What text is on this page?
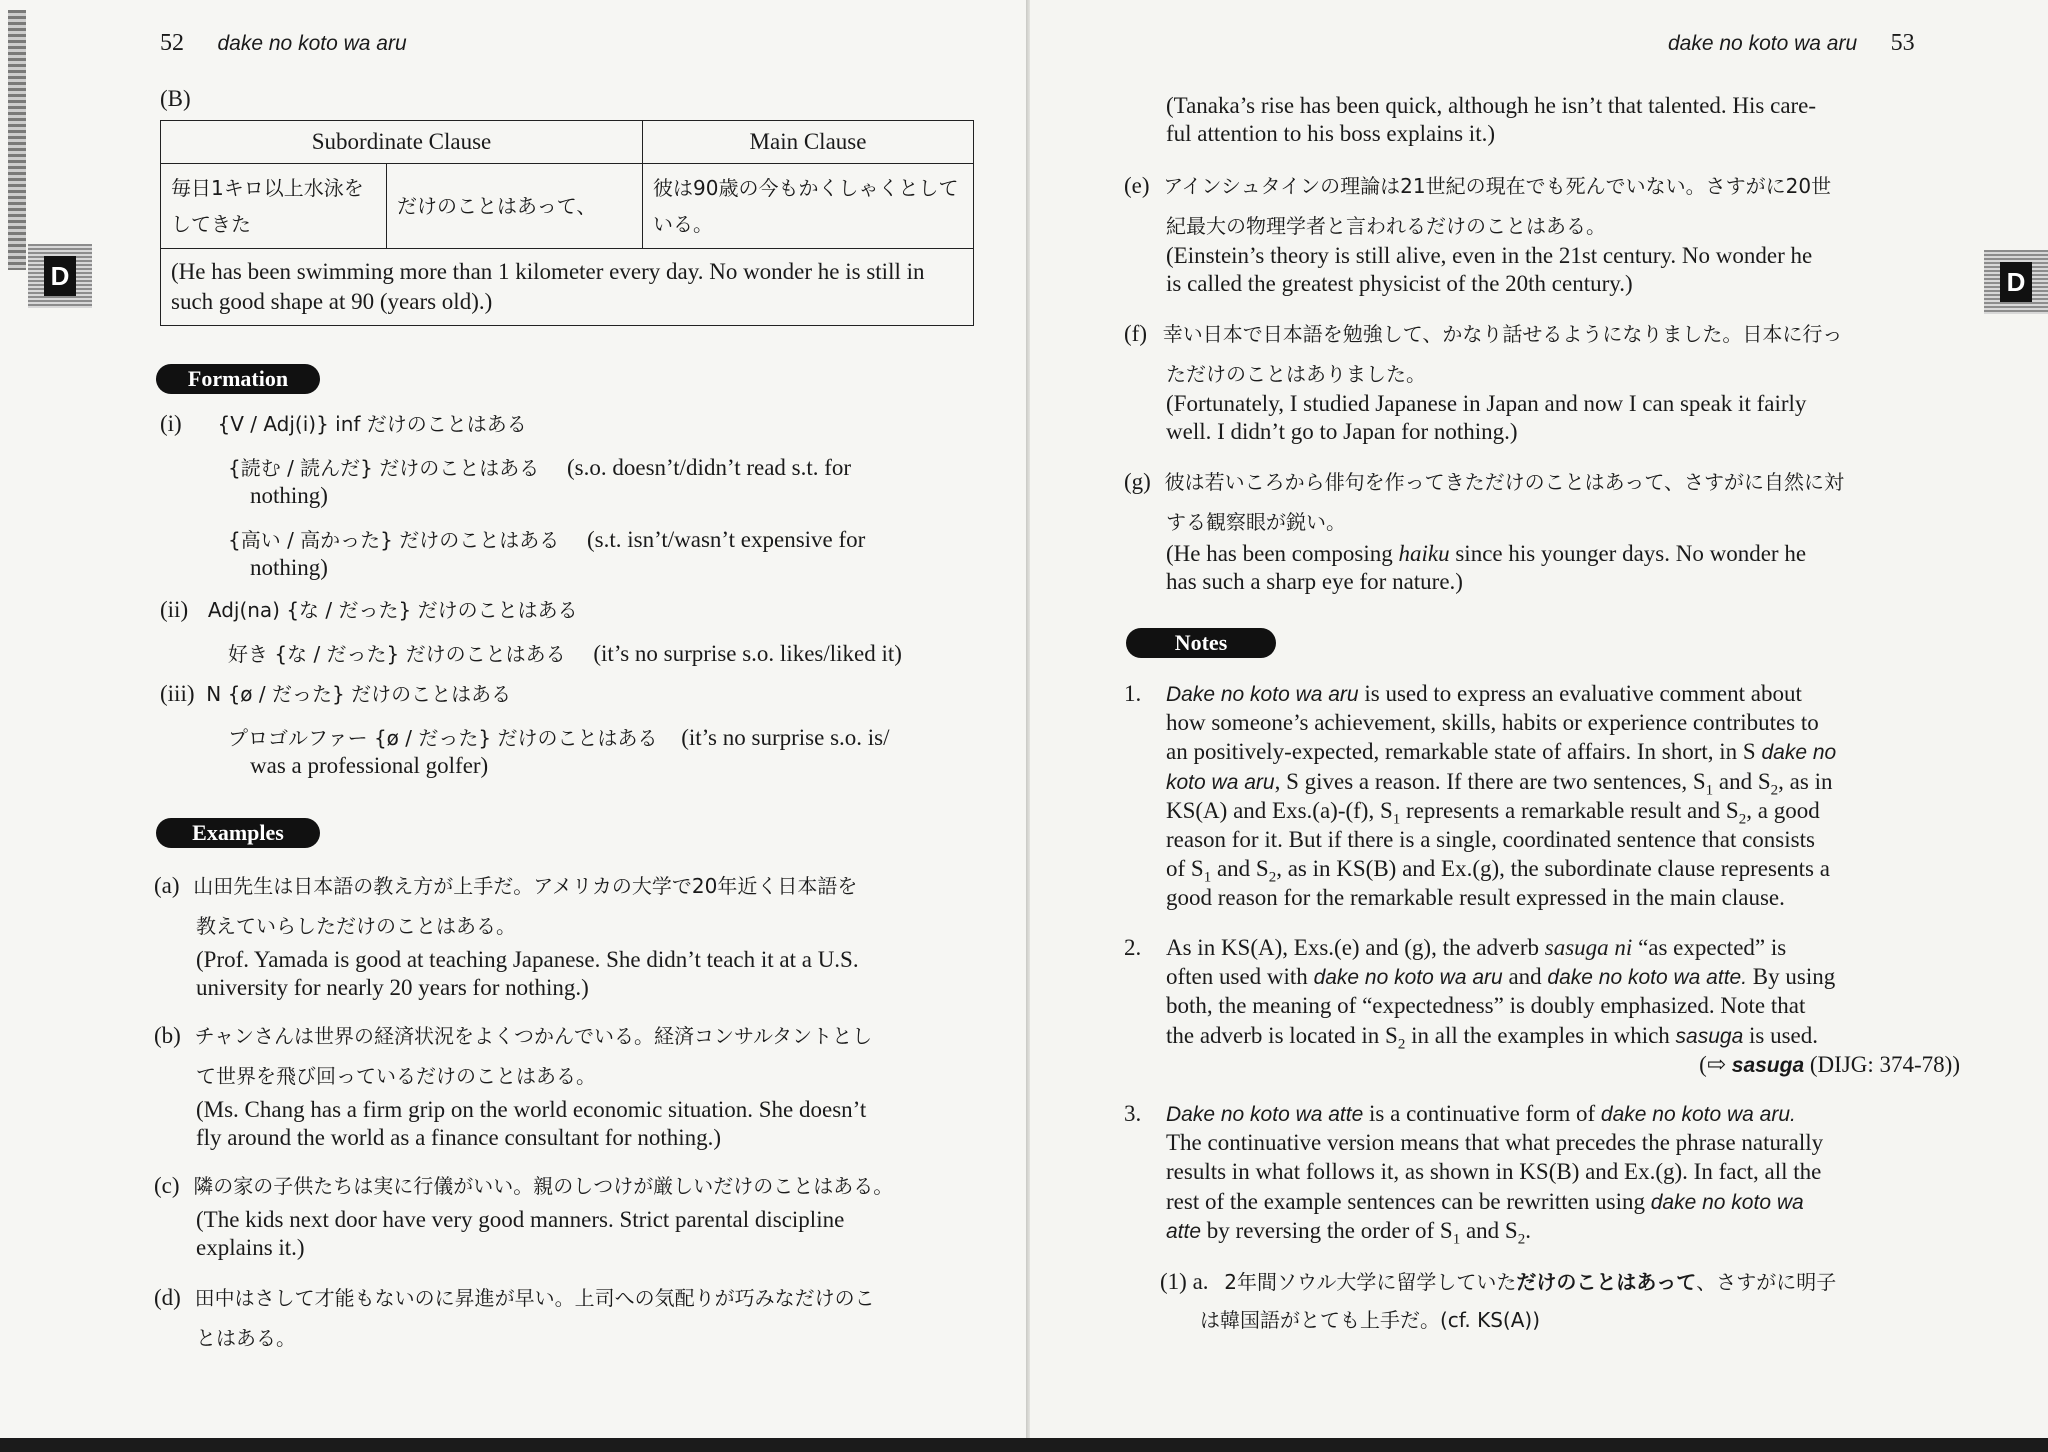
52 dake no koto wa aru
D
(B)
Subordinate Clause		Main Clause
毎日1キロ以上水泳をしてきた	だけのことはあって、	彼は90歳の今もかくしゃくとしている。
(He has been swimming more than 1 kilometer every day. No wonder he is still in such good shape at 90 (years old).)		
Formation
(i) {V / Adj(i)} inf だけのことはある
{読む / 読んだ} だけのことはある (s.o. doesn’t/didn’t read s.t. for
nothing)
{高い / 高かった} だけのことはある (s.t. isn’t/wasn’t expensive for
nothing)
(ii) Adj(na) {な / だった} だけのことはある
好き {な / だった} だけのことはある (it’s no surprise s.o. likes/liked it)
(iii) N {ø / だった} だけのことはある
プロゴルファー {ø / だった} だけのことはある (it’s no surprise s.o. is/
was a professional golfer)
Examples
(a) 山田先生は日本語の教え方が上手だ。アメリカの大学で20年近く日本語を
教えていらしただけのことはある。
(Prof. Yamada is good at teaching Japanese. She didn’t teach it at a U.S.
university for nearly 20 years for nothing.)
(b) チャンさんは世界の経済状況をよくつかんでいる。経済コンサルタントとし
て世界を飛び回っているだけのことはある。
(Ms. Chang has a firm grip on the world economic situation. She doesn’t
fly around the world as a finance consultant for nothing.)
(c) 隣の家の子供たちは実に行儀がいい。親のしつけが厳しいだけのことはある。
(The kids next door have very good manners. Strict parental discipline
explains it.)
(d) 田中はさして才能もないのに昇進が早い。上司への気配りが巧みなだけのこ
とはある。
dake no koto wa aru 53
D
(Tanaka’s rise has been quick, although he isn’t that talented. His care-
ful attention to his boss explains it.)
(e) アインシュタインの理論は21世紀の現在でも死んでいない。さすがに20世
紀最大の物理学者と言われるだけのことはある。
(Einstein’s theory is still alive, even in the 21st century. No wonder he
is called the greatest physicist of the 20th century.)
(f) 幸い日本で日本語を勉強して、かなり話せるようになりました。日本に行っ
ただけのことはありました。
(Fortunately, I studied Japanese in Japan and now I can speak it fairly
well. I didn’t go to Japan for nothing.)
(g) 彼は若いころから俳句を作ってきただけのことはあって、さすがに自然に対
する観察眼が鋭い。
(He has been composing haiku since his younger days. No wonder he
has such a sharp eye for nature.)
Notes
1. Dake no koto wa aru is used to express an evaluative comment about
how someone’s achievement, skills, habits or experience contributes to
an positively-expected, remarkable state of affairs. In short, in S dake no
koto wa aru, S gives a reason. If there are two sentences, $S_1$ and $S_2$, as in
KS(A) and Exs.(a)-(f), $S_1$ represents a remarkable result and $S_2$, a good
reason for it. But if there is a single, coordinated sentence that consists
of $S_1$ and $S_2$, as in KS(B) and Ex.(g), the subordinate clause represents a
good reason for the remarkable result expressed in the main clause.
2. As in KS(A), Exs.(e) and (g), the adverb sasuga ni “as expected” is
often used with dake no koto wa aru and dake no koto wa atte. By using
both, the meaning of “expectedness” is doubly emphasized. Note that
the adverb is located in $S_2$ in all the examples in which sasuga is used.
(⇨ sasuga (DIJG: 374-78))
3. Dake no koto wa atte is a continuative form of dake no koto wa aru.
The continuative version means that what precedes the phrase naturally
results in what follows it, as shown in KS(B) and Ex.(g). In fact, all the
rest of the example sentences can be rewritten using dake no koto wa
atte by reversing the order of $S_1$ and $S_2$.
(1) a. 2年間ソウル大学に留学していただけのことはあって、さすがに明子
は韓国語がとても上手だ。(cf. KS(A))
